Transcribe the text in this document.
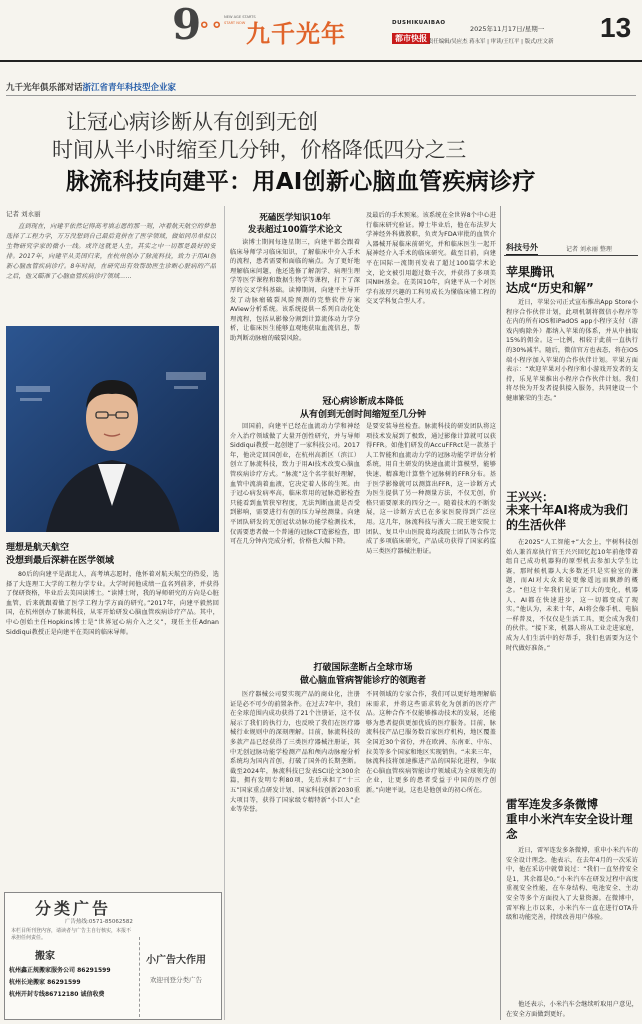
9
∘∘ NEW AGE STARTS
START NOW 九千光年	DUSHIKUAIBAO
都市快报
2025年11月17日/星期一
责任编辑/吴应杰 蒋永军 | 审读/王红平 | 版式/庄文新	13
九千光年俱乐部对话浙江省青年科技型企业家
让冠心病诊断从有创到无创
时间从半小时缩至几分钟，价格降低四分之三
脉流科技向建平：用AI创新心脑血管疾病诊疗
记者 刘永丽
直到现在，向建平依然记得高考填志愿的那一刻，冲着航天航空的梦想选择了工程力学，万万没想到自己最后竟拼在了医学领域，做如同吊单似以生物研究学家的微小一线。或许这就是人生，其实之中一切都是最好的安排。2017年，向建平从美国归来，在杭州创办了脉流科技，致力于用AI创新心脑血管疾病诊疗。8年时间，在研究出有效帮助医生诊断心脏病的产品之后，他又瞄准了心脑血管疾病诊疗领域……
理想是航天航空
没想到最后深耕在医学领域
80后的向建平是湖北人，高考填志愿时，他怀着对航天航空的热爱，选择了大连理工大学的工程力学专业。大学时间他成绩一直名列前茅，并获得了保研资格，毕业后去美国读博士。“读博士时，我的导师研究的方向是心脏血管，后来就跟着做了医学工程力学方面的研究。”2017年，向建平毅然回国，在杭州创办了脉流科技，从零开始研发心脑血管疾病诊疗产品。其中，中心创始主任Hopkins博士是“世界冠心病介入之父”，现任主任Adnan Siddiqui教授正是向建平在美国的临床导师。
分类广告
广告热线:0571-85062582
本栏目所刊登内容，请读者与广告主自行核实，本报不承担任何责任。
搬家
杭州鑫正规搬家服务公司 86291599
杭州长途搬家 86291599
杭州开封专线86712180 诚信收费
小广告大作用
欢迎刊登分类广告
死磕医学知识10年
发表超过100篇学术论文
读博士期间每逢星期三，向建平都会跟着临床导师学习临床知识，了解临床中介入手术的流程，患者需要和面临的痛点。为了更好地理解临床问题，他还选修了解剖学、病理生理学等医学课程和数据生物学等课程，打下了深厚的交叉学科基础。读博期间，向建平主导开发了动脉瘤破裂风险预测的完整软件方案AView分析系统。该系统提供一系列自动化处理流程，包括从影像分割到计算流体动力学分析，让临床医生能够直观地获取血流信息，帮助判断动脉瘤的破裂风险。
及最后的手术预案。该系统在全世界8个中心进行临床研究验证。博士毕业后，他在布法罗大学神经外科做教职，负责为FDA审批的血管介入器械开展临床前研究，并和临床医生一起开展神经介入手术的临床研究。截至目前，向建平在国际一流期刊发表了超过100篇学术论文，论文被引用超过数千次，并获得了多项美国NIH基金。在美国10年，向建平从一个对医学有浓厚兴趣的工科男成长为懂临床懂工程的交叉学科复合型人才。
冠心病诊断成本降低
从有创到无创时间缩短至几分钟
回国前，向建平已经在血流动力学和神经介入治疗领域做了大量开创性研究，并与导师Siddiqui教授一起创建了一家科技公司。2017年，他决定回国创业，在杭州高新区（滨江）创立了脉流科技，致力于用AI技术改变心脑血管疾病诊疗方式。“脉流”这个名字很好理解，血管中流淌着血液，它决定着人体的生死。由于冠心病发病率高，临床常用的冠脉造影检查只能看到血管狭窄程度，无法判断血流是否受到影响，需要进行有创的压力导丝测量。向建平团队研发的无创冠状动脉功能学检测技术，仅需要患者做一个普通的冠脉CT造影检查，即可在几分钟内完成分析，价格也大幅下降。
是要安装导丝检查。脉流科技的研发团队将这项技术发展到了极致，通过影像计算就可以获得FFR。如他们研发的AccuFFRct是一款基于人工智能和血流动力学的冠脉功能学评估分析系统，用自主研发的快速血流计算模型，能够快速、精准地计算整个冠脉树的FFR分布。基于医学影像就可以测算出FFR，这一诊断方式为医生提供了另一种测量方法，不仅无创，价格只需要原来的四分之一。随着技术的不断发展，这一诊断方式已在多家医院得到广泛应用。这几年，脉流科技与浙大二院王建安院士团队、复旦中山医院葛均波院士团队等合作完成了多项临床研究，产品成功获得了国家药监局三类医疗器械注册证。
打破国际垄断占全球市场
做心脑血管病智能诊疗的领跑者
医疗器械公司要实现产品的商业化，注册证是必不可少的前置条件。在过去7年中，我们在全球范围内成功获得了21个注册证，这不仅展示了我们的执行力，也反映了我们在医疗器械行业规则中的深刻理解。目前，脉流科技的多款产品已经获得了三类医疗器械注册证，其中无创冠脉功能学检测产品和颅内动脉瘤分析系统均为国内首创，打破了国外的长期垄断。截至2024年，脉流科技已发表SCI论文300余篇，拥有发明专利80项，先后承担了“十三五”国家重点研发计划、国家科技创新2030重大项目等，获得了国家级专精特新“小巨人”企业等荣誉。
不同领域的专家合作，我们可以更好地理解临床需求，并将这些需求转化为创新的医疗产品。这种合作不仅能够推动技术的发展，还能够为患者提供更加优质的医疗服务。目前，脉流科技产品已服务数百家医疗机构，地区覆盖全国近30个省份，并在欧洲、东南亚、中东、拉美等多个国家和地区实现销售。“未来三年，脉流科技将加速推进产品的国际化进程，争取在心脑血管疾病智能诊疗领域成为全球领先的企业，让更多的患者受益于中国的医疗创新。”向建平说，这也是他创业的初心所在。
科技号外	记者 刘永丽 整理
苹果腾讯
达成“历史和解”
近日，苹果公司正式宣布推出App Store小程序合作伙伴计划，此项机制将微信小程序等在内的所有iOS和iPadOS app小程序支付（游戏内购除外）都纳入苹果的体系，并从中抽取15%的佣金。这一比例，相较于此前一直执行的30%减半。随后，微信官方也表态，将在iOS端小程序加入苹果的合作伙伴计划。苹果方面表示：“欢迎苹果对小程序和小游戏开发者的支持，乐见苹果推出小程序合作伙伴计划。我们将尽快为开发者提供接入服务，共同建设一个健康繁荣的生态。”
王兴兴：
未来十年AI将成为我们的生活伙伴
在2025“人工智能+”大会上，宇树科技创始人兼首席执行官王兴兴回忆起10年前他带着组自己成功机器狗的原型机去参加大学生比赛，那时候机器人大多数还只是实验室的课题，而AI对大众来说更像遥远而飘渺的概念。“但这十年我们见证了巨大的变化，机器人、AI都在快速进步，这一切都变成了现实。”他认为，未来十年，AI将会像手机、电脑一样普及，不仅仅是生活工具，更会成为我们的伙伴。“接下来，机器人将从工业走进家庭，成为人们生活中的好帮手，我们也需要为这个时代做好准备。”
雷军连发多条微博
重申小米汽车安全设计理念
近日，雷军连发多条微博，重申小米汽车的安全设计理念。他表示，在去年4月的一次采访中，他在采访中就曾说过：“我们一直坚持安全是1，其余都是0。”小米汽车在研发过程中高度重视安全性能，在车身结构、电池安全、主动安全等多个方面投入了大量资源。在微博中，雷军称上市以来，小米汽车一直在进行OTA升级和功能完善，持续改善用户体验。
他还表示，小米汽车会继续听取用户意见，在安全方面做到更好。
